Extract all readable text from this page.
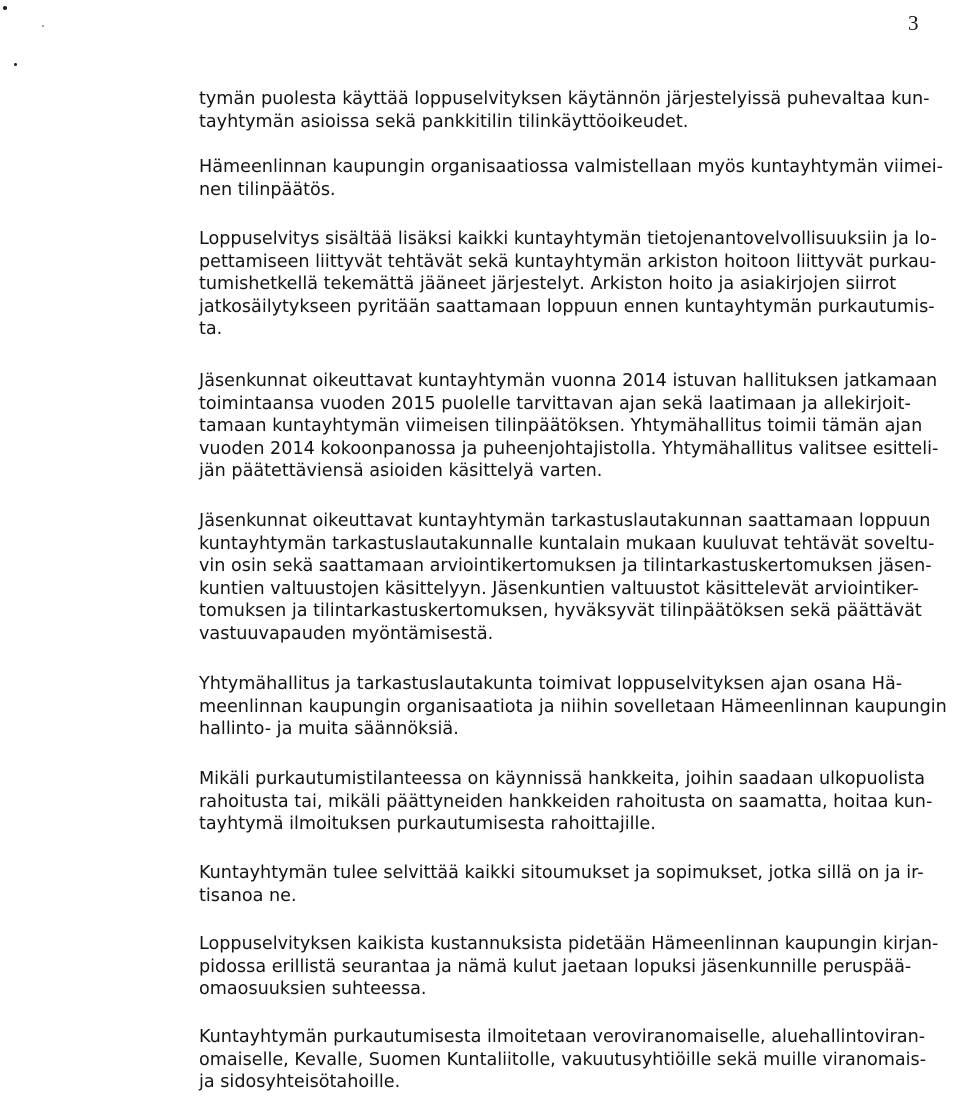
3
tymän puolesta käyttää loppuselvityksen käytännön järjestelyissä puhevaltaa kun-
tayhtymän asioissa sekä pankkitilin tilinkäyttöoikeudet.
Hämeenlinnan kaupungin organisaatiossa valmistellaan myös kuntayhtymän viimei-
nen tilinpäätös.
Loppuselvitys sisältää lisäksi kaikki kuntayhtymän tietojenantovelvollisuuksiin ja lo-
pettamiseen liittyvät tehtävät sekä kuntayhtymän arkiston hoitoon liittyvät purkau-
tumishetkellä tekemättä jääneet järjestelyt. Arkiston hoito ja asiakirjojen siirrot
jatkosäilytykseen pyritään saattamaan loppuun ennen kuntayhtymän purkautumis-
ta.
Jäsenkunnat oikeuttavat kuntayhtymän vuonna 2014 istuvan hallituksen jatkamaan
toimintaansa vuoden 2015 puolelle tarvittavan ajan sekä laatimaan ja allekirjoit-
tamaan kuntayhtymän viimeisen tilinpäätöksen. Yhtymähallitus toimii tämän ajan
vuoden 2014 kokoonpanossa ja puheenjohtajistolla. Yhtymähallitus valitsee esitteli-
jän päätettäviensä asioiden käsittelyä varten.
Jäsenkunnat oikeuttavat kuntayhtymän tarkastuslautakunnan saattamaan loppuun
kuntayhtymän tarkastuslautakunnalle kuntalain mukaan kuuluvat tehtävät soveltu-
vin osin sekä saattamaan arviointikertomuksen ja tilintarkastuskertomuksen jäsen-
kuntien valtuustojen käsittelyyn. Jäsenkuntien valtuustot käsittelevät arviointiker-
tomuksen ja tilintarkastuskertomuksen, hyväksyvät tilinpäätöksen sekä päättävät
vastuuvapauden myöntämisestä.
Yhtymähallitus ja tarkastuslautakunta toimivat loppuselvityksen ajan osana Hä-
meenlinnan kaupungin organisaatiota ja niihin sovelletaan Hämeenlinnan kaupungin
hallinto- ja muita säännöksiä.
Mikäli purkautumistilanteessa on käynnissä hankkeita, joihin saadaan ulkopuolista
rahoitusta tai, mikäli päättyneiden hankkeiden rahoitusta on saamatta, hoitaa kun-
tayhtymä ilmoituksen purkautumisesta rahoittajille.
Kuntayhtymän tulee selvittää kaikki sitoumukset ja sopimukset, jotka sillä on ja ir-
tisanoa ne.
Loppuselvityksen kaikista kustannuksista pidetään Hämeenlinnan kaupungin kirjan-
pidossa erillistä seurantaa ja nämä kulut jaetaan lopuksi jäsenkunnille peruspää-
omaosuuksien suhteessa.
Kuntayhtymän purkautumisesta ilmoitetaan veroviranomaiselle, aluehallintoviran-
omaiselle, Kevalle, Suomen Kuntaliitolle, vakuutusyhtiöille sekä muille viranomais-
ja sidosyhteisötahoille.
